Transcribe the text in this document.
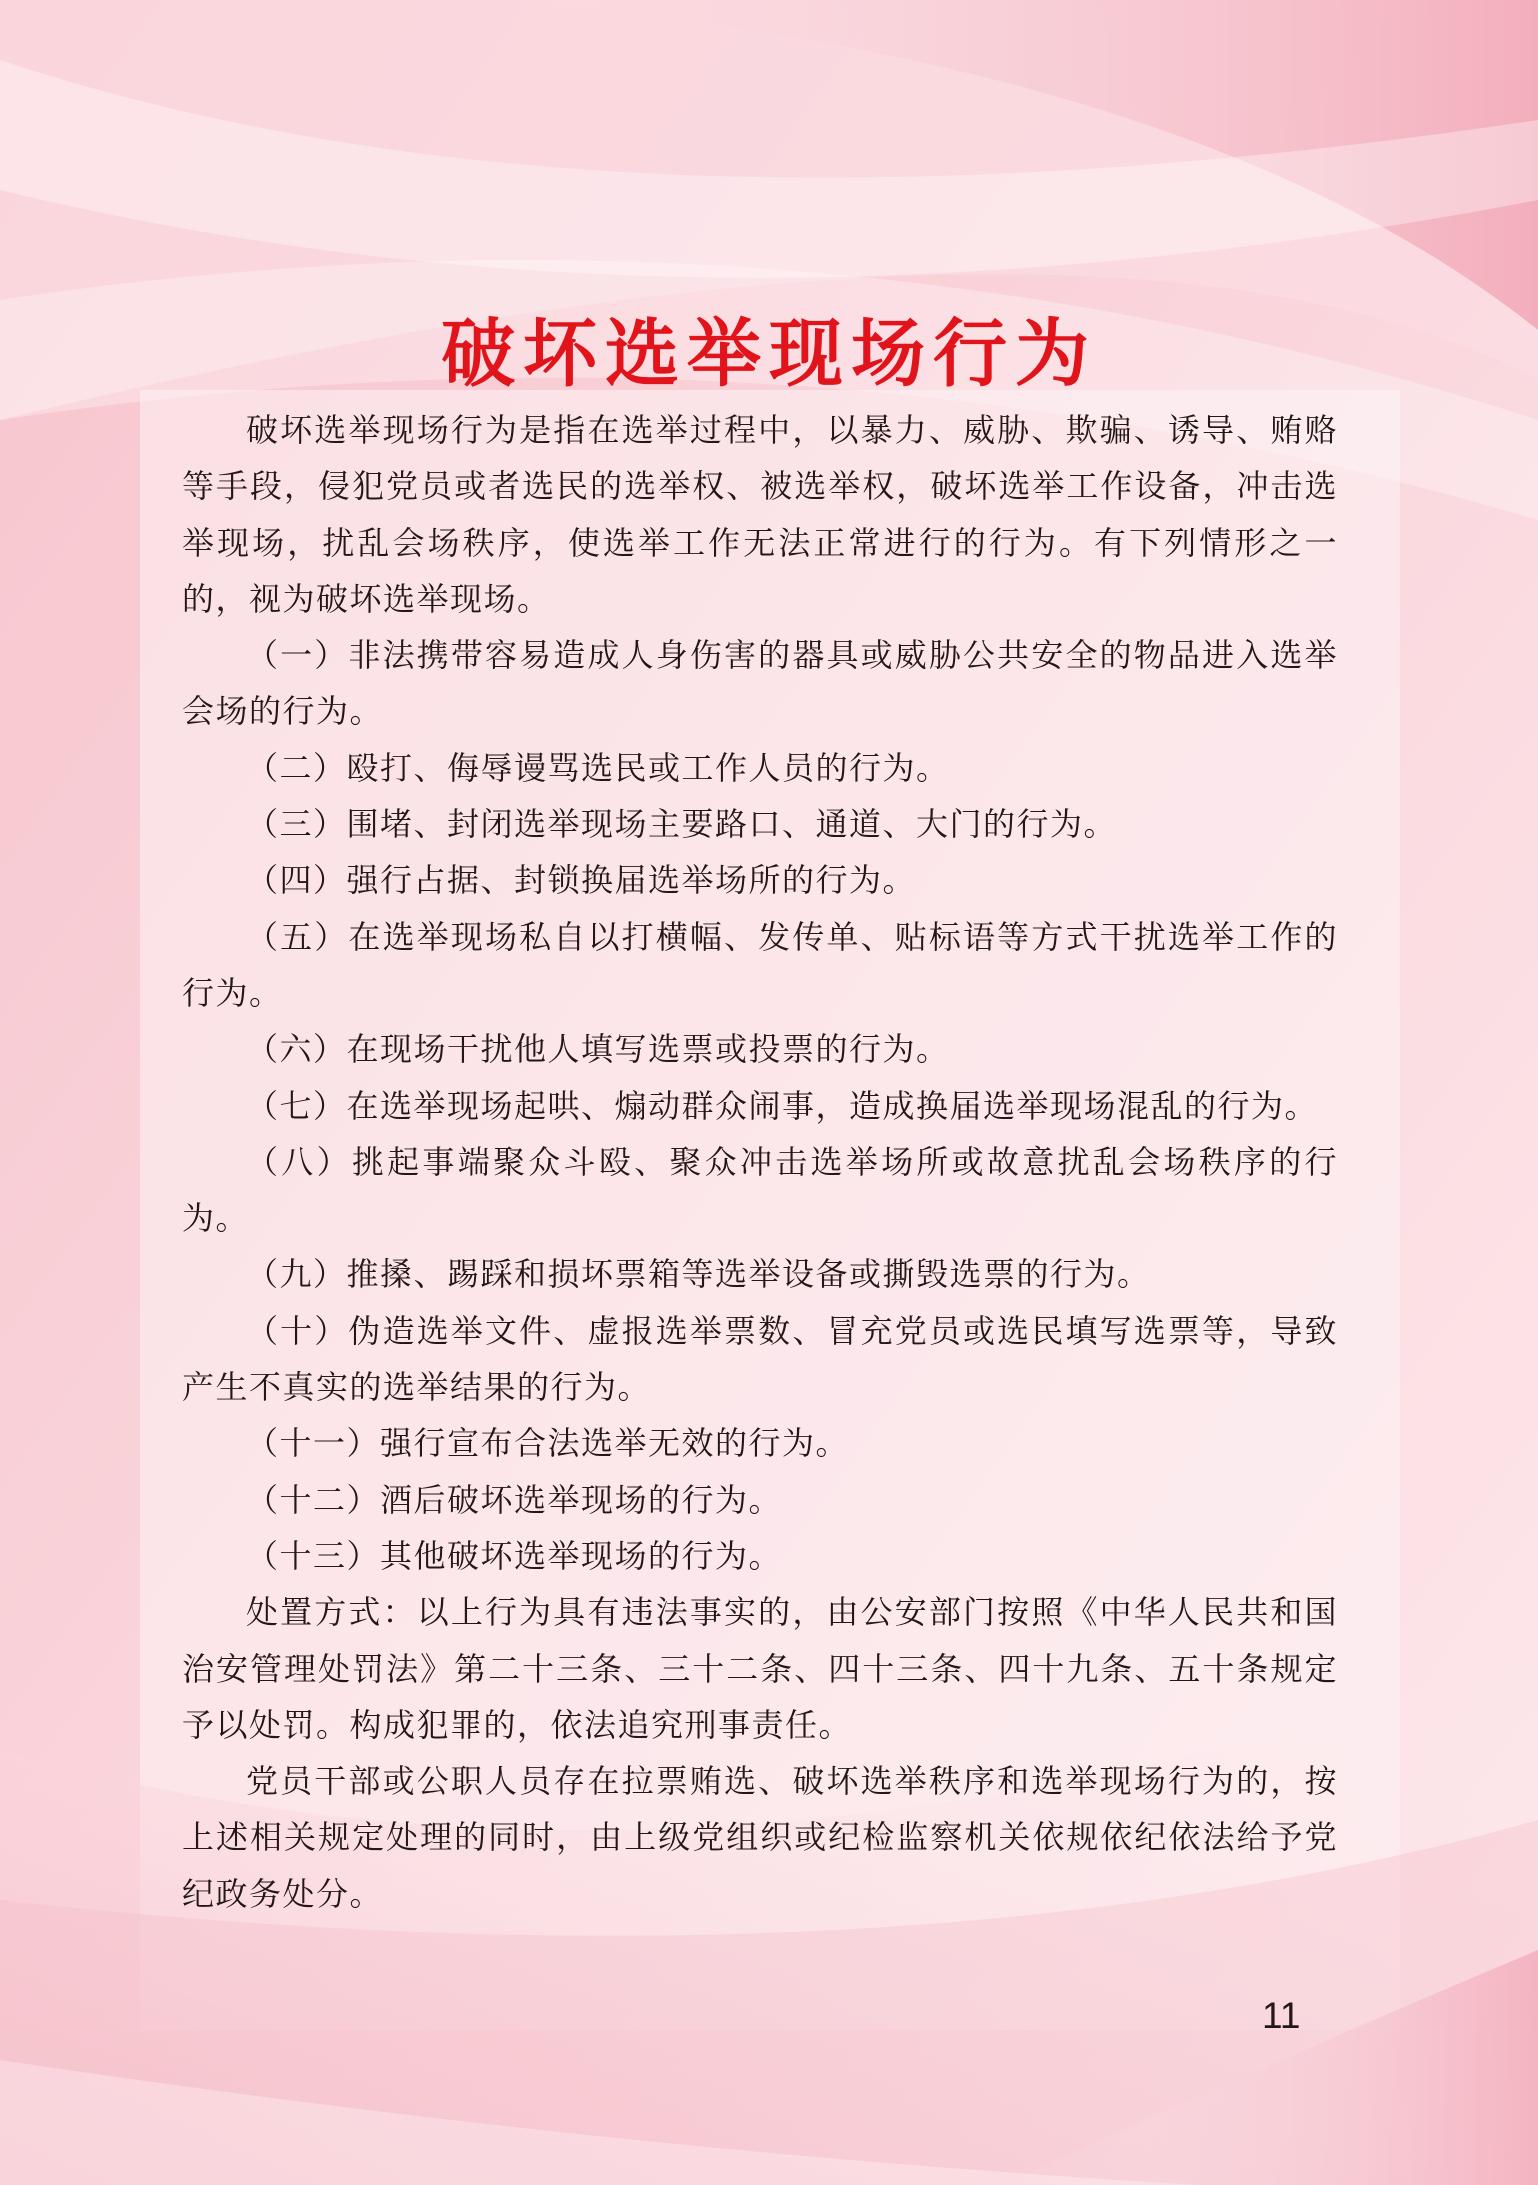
破坏选举现场行为

破坏选举现场行为是指在选举过程中，以暴力、威胁、欺骗、诱导、贿赂等手段，侵犯党员或者选民的选举权、被选举权，破坏选举工作设备，冲击选举现场，扰乱会场秩序，使选举工作无法正常进行的行为。有下列情形之一的，视为破坏选举现场。

（一）非法携带容易造成人身伤害的器具或威胁公共安全的物品进入选举会场的行为。

（二）殴打、侮辱谩骂选民或工作人员的行为。

（三）围堵、封闭选举现场主要路口、通道、大门的行为。

（四）强行占据、封锁换届选举场所的行为。

（五）在选举现场私自以打横幅、发传单、贴标语等方式干扰选举工作的行为。

（六）在现场干扰他人填写选票或投票的行为。

（七）在选举现场起哄、煽动群众闹事，造成换届选举现场混乱的行为。

（八）挑起事端聚众斗殴、聚众冲击选举场所或故意扰乱会场秩序的行为。

（九）推搡、踢踩和损坏票箱等选举设备或撕毁选票的行为。

（十）伪造选举文件、虚报选举票数、冒充党员或选民填写选票等，导致产生不真实的选举结果的行为。

（十一）强行宣布合法选举无效的行为。

（十二）酒后破坏选举现场的行为。

（十三）其他破坏选举现场的行为。

处置方式：以上行为具有违法事实的，由公安部门按照《中华人民共和国治安管理处罚法》第二十三条、三十二条、四十三条、四十九条、五十条规定予以处罚。构成犯罪的，依法追究刑事责任。

党员干部或公职人员存在拉票贿选、破坏选举秩序和选举现场行为的，按上述相关规定处理的同时，由上级党组织或纪检监察机关依规依纪依法给予党纪政务处分。

11
